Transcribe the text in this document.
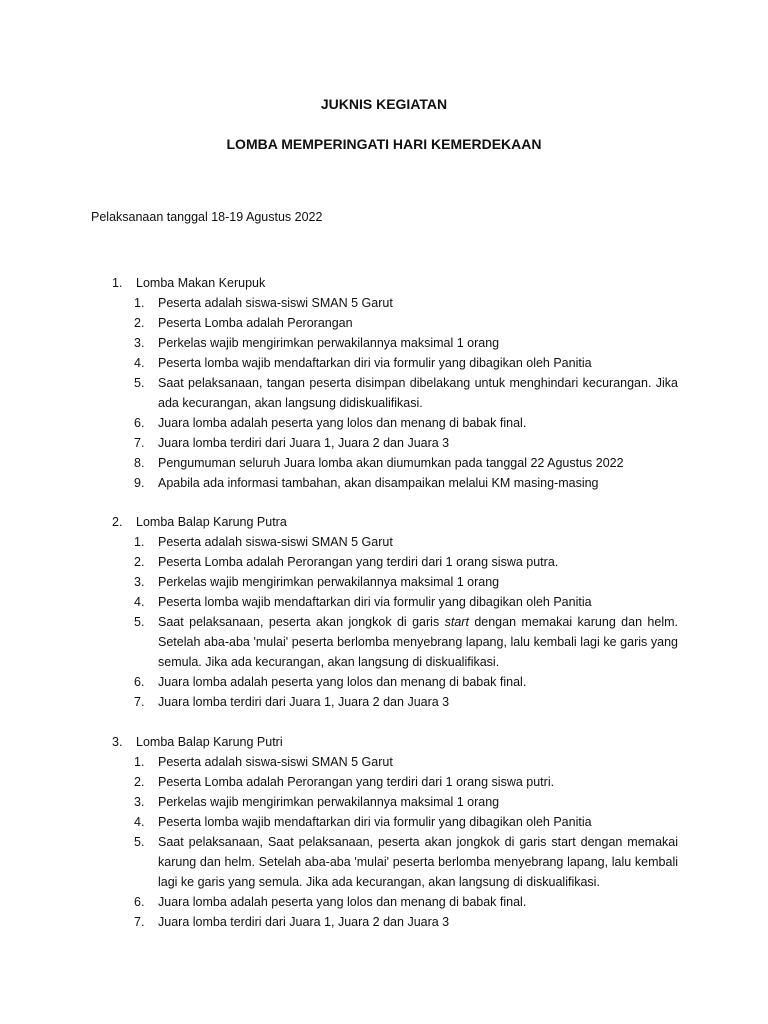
JUKNIS KEGIATAN
LOMBA MEMPERINGATI HARI KEMERDEKAAN
Pelaksanaan tanggal 18-19 Agustus 2022
1. Lomba Makan Kerupuk
1. Peserta adalah siswa-siswi SMAN 5 Garut
2. Peserta Lomba adalah Perorangan
3. Perkelas wajib mengirimkan perwakilannya maksimal 1 orang
4. Peserta lomba wajib mendaftarkan diri via formulir yang dibagikan oleh Panitia
5. Saat pelaksanaan, tangan peserta disimpan dibelakang untuk menghindari kecurangan. Jika ada kecurangan, akan langsung didiskualifikasi.
6. Juara lomba adalah peserta yang lolos dan menang di babak final.
7. Juara lomba terdiri dari Juara 1, Juara 2 dan Juara 3
8. Pengumuman seluruh Juara lomba akan diumumkan pada tanggal 22 Agustus 2022
9. Apabila ada informasi tambahan, akan disampaikan melalui KM masing-masing
2. Lomba Balap Karung Putra
1. Peserta adalah siswa-siswi SMAN 5 Garut
2. Peserta Lomba adalah Perorangan yang terdiri dari 1 orang siswa putra.
3. Perkelas wajib mengirimkan perwakilannya maksimal 1 orang
4. Peserta lomba wajib mendaftarkan diri via formulir yang dibagikan oleh Panitia
5. Saat pelaksanaan, peserta akan jongkok di garis start dengan memakai karung dan helm. Setelah aba-aba 'mulai' peserta berlomba menyebrang lapang, lalu kembali lagi ke garis yang semula. Jika ada kecurangan, akan langsung di diskualifikasi.
6. Juara lomba adalah peserta yang lolos dan menang di babak final.
7. Juara lomba terdiri dari Juara 1, Juara 2 dan Juara 3
3. Lomba Balap Karung Putri
1. Peserta adalah siswa-siswi SMAN 5 Garut
2. Peserta Lomba adalah Perorangan yang terdiri dari 1 orang siswa putri.
3. Perkelas wajib mengirimkan perwakilannya maksimal 1 orang
4. Peserta lomba wajib mendaftarkan diri via formulir yang dibagikan oleh Panitia
5. Saat pelaksanaan, Saat pelaksanaan, peserta akan jongkok di garis start dengan memakai karung dan helm. Setelah aba-aba 'mulai' peserta berlomba menyebrang lapang, lalu kembali lagi ke garis yang semula. Jika ada kecurangan, akan langsung di diskualifikasi.
6. Juara lomba adalah peserta yang lolos dan menang di babak final.
7. Juara lomba terdiri dari Juara 1, Juara 2 dan Juara 3
